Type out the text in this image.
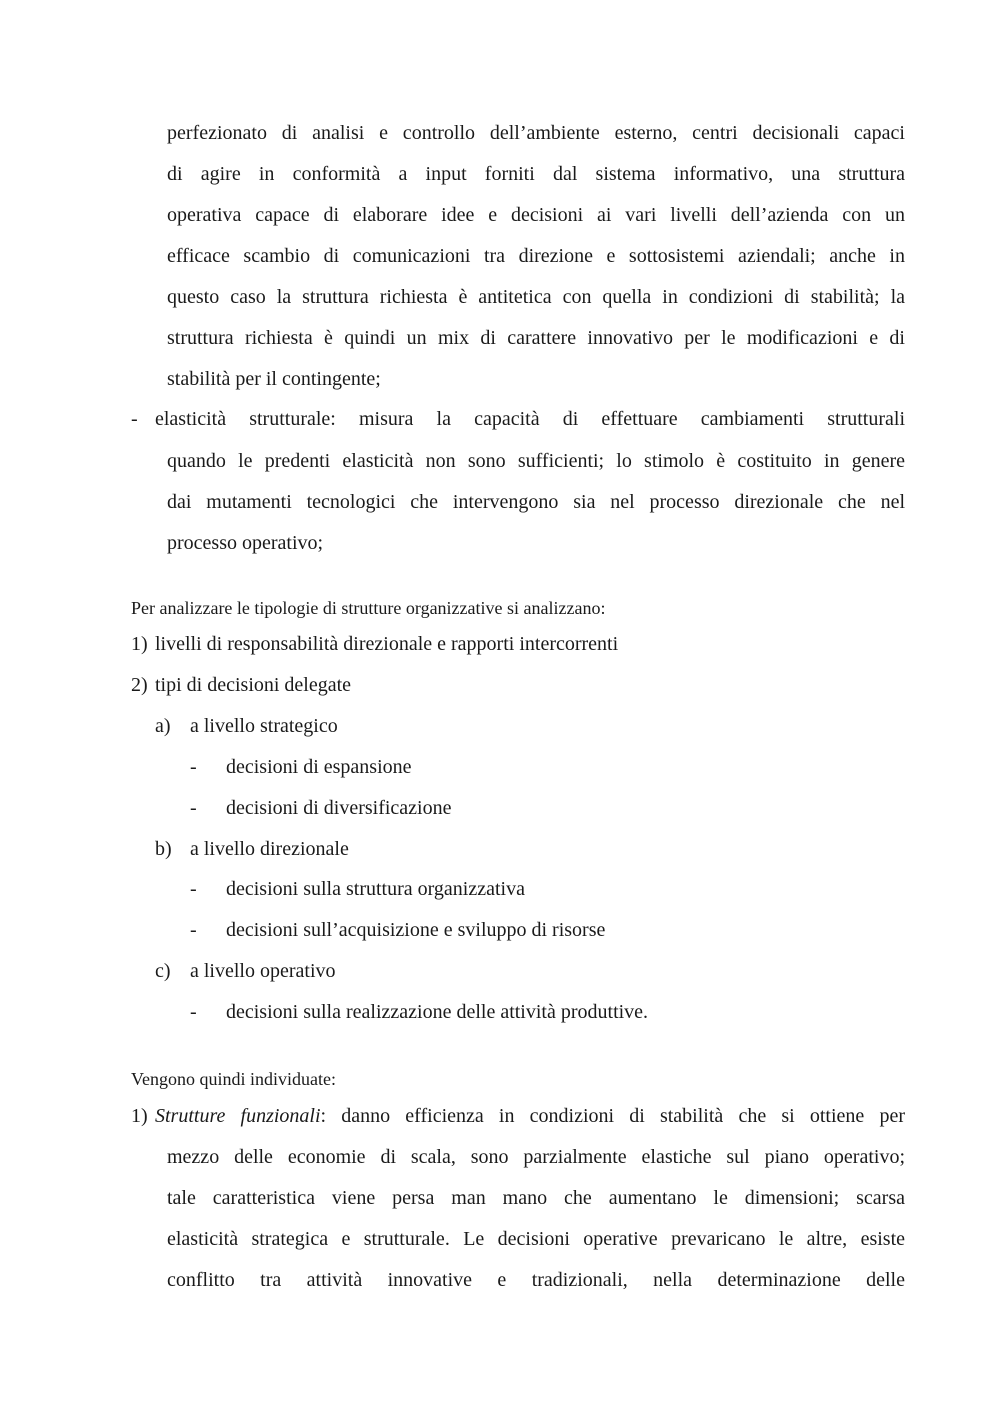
perfezionato di analisi e controllo dell’ambiente esterno, centri decisionali capaci
di agire in conformità a input forniti dal sistema informativo, una struttura
operativa capace di elaborare idee e decisioni ai vari livelli dell’azienda con un
efficace scambio di comunicazioni tra direzione e sottosistemi aziendali; anche in
questo caso la struttura richiesta è antitetica con quella in condizioni di stabilità; la
struttura richiesta è quindi un mix di carattere innovativo per le modificazioni e di
stabilità per il contingente;
- elasticità strutturale: misura la capacità di effettuare cambiamenti strutturali
quando le predenti elasticità non sono sufficienti; lo stimolo è costituito in genere
dai mutamenti tecnologici che intervengono sia nel processo direzionale che nel
processo operativo;
Per analizzare le tipologie di strutture organizzative si analizzano:
1) livelli di responsabilità direzionale e rapporti intercorrenti
2) tipi di decisioni delegate
a) a livello strategico
- decisioni di espansione
- decisioni di diversificazione
b) a livello direzionale
- decisioni sulla struttura organizzativa
- decisioni sull’acquisizione e sviluppo di risorse
c) a livello operativo
- decisioni sulla realizzazione delle attività produttive.
Vengono quindi individuate:
1) Strutture funzionali: danno efficienza in condizioni di stabilità che si ottiene per
mezzo delle economie di scala, sono parzialmente elastiche sul piano operativo;
tale caratteristica viene persa man mano che aumentano le dimensioni; scarsa
elasticità strategica e strutturale. Le decisioni operative prevaricano le altre, esiste
conflitto tra attività innovative e tradizionali, nella determinazione delle
